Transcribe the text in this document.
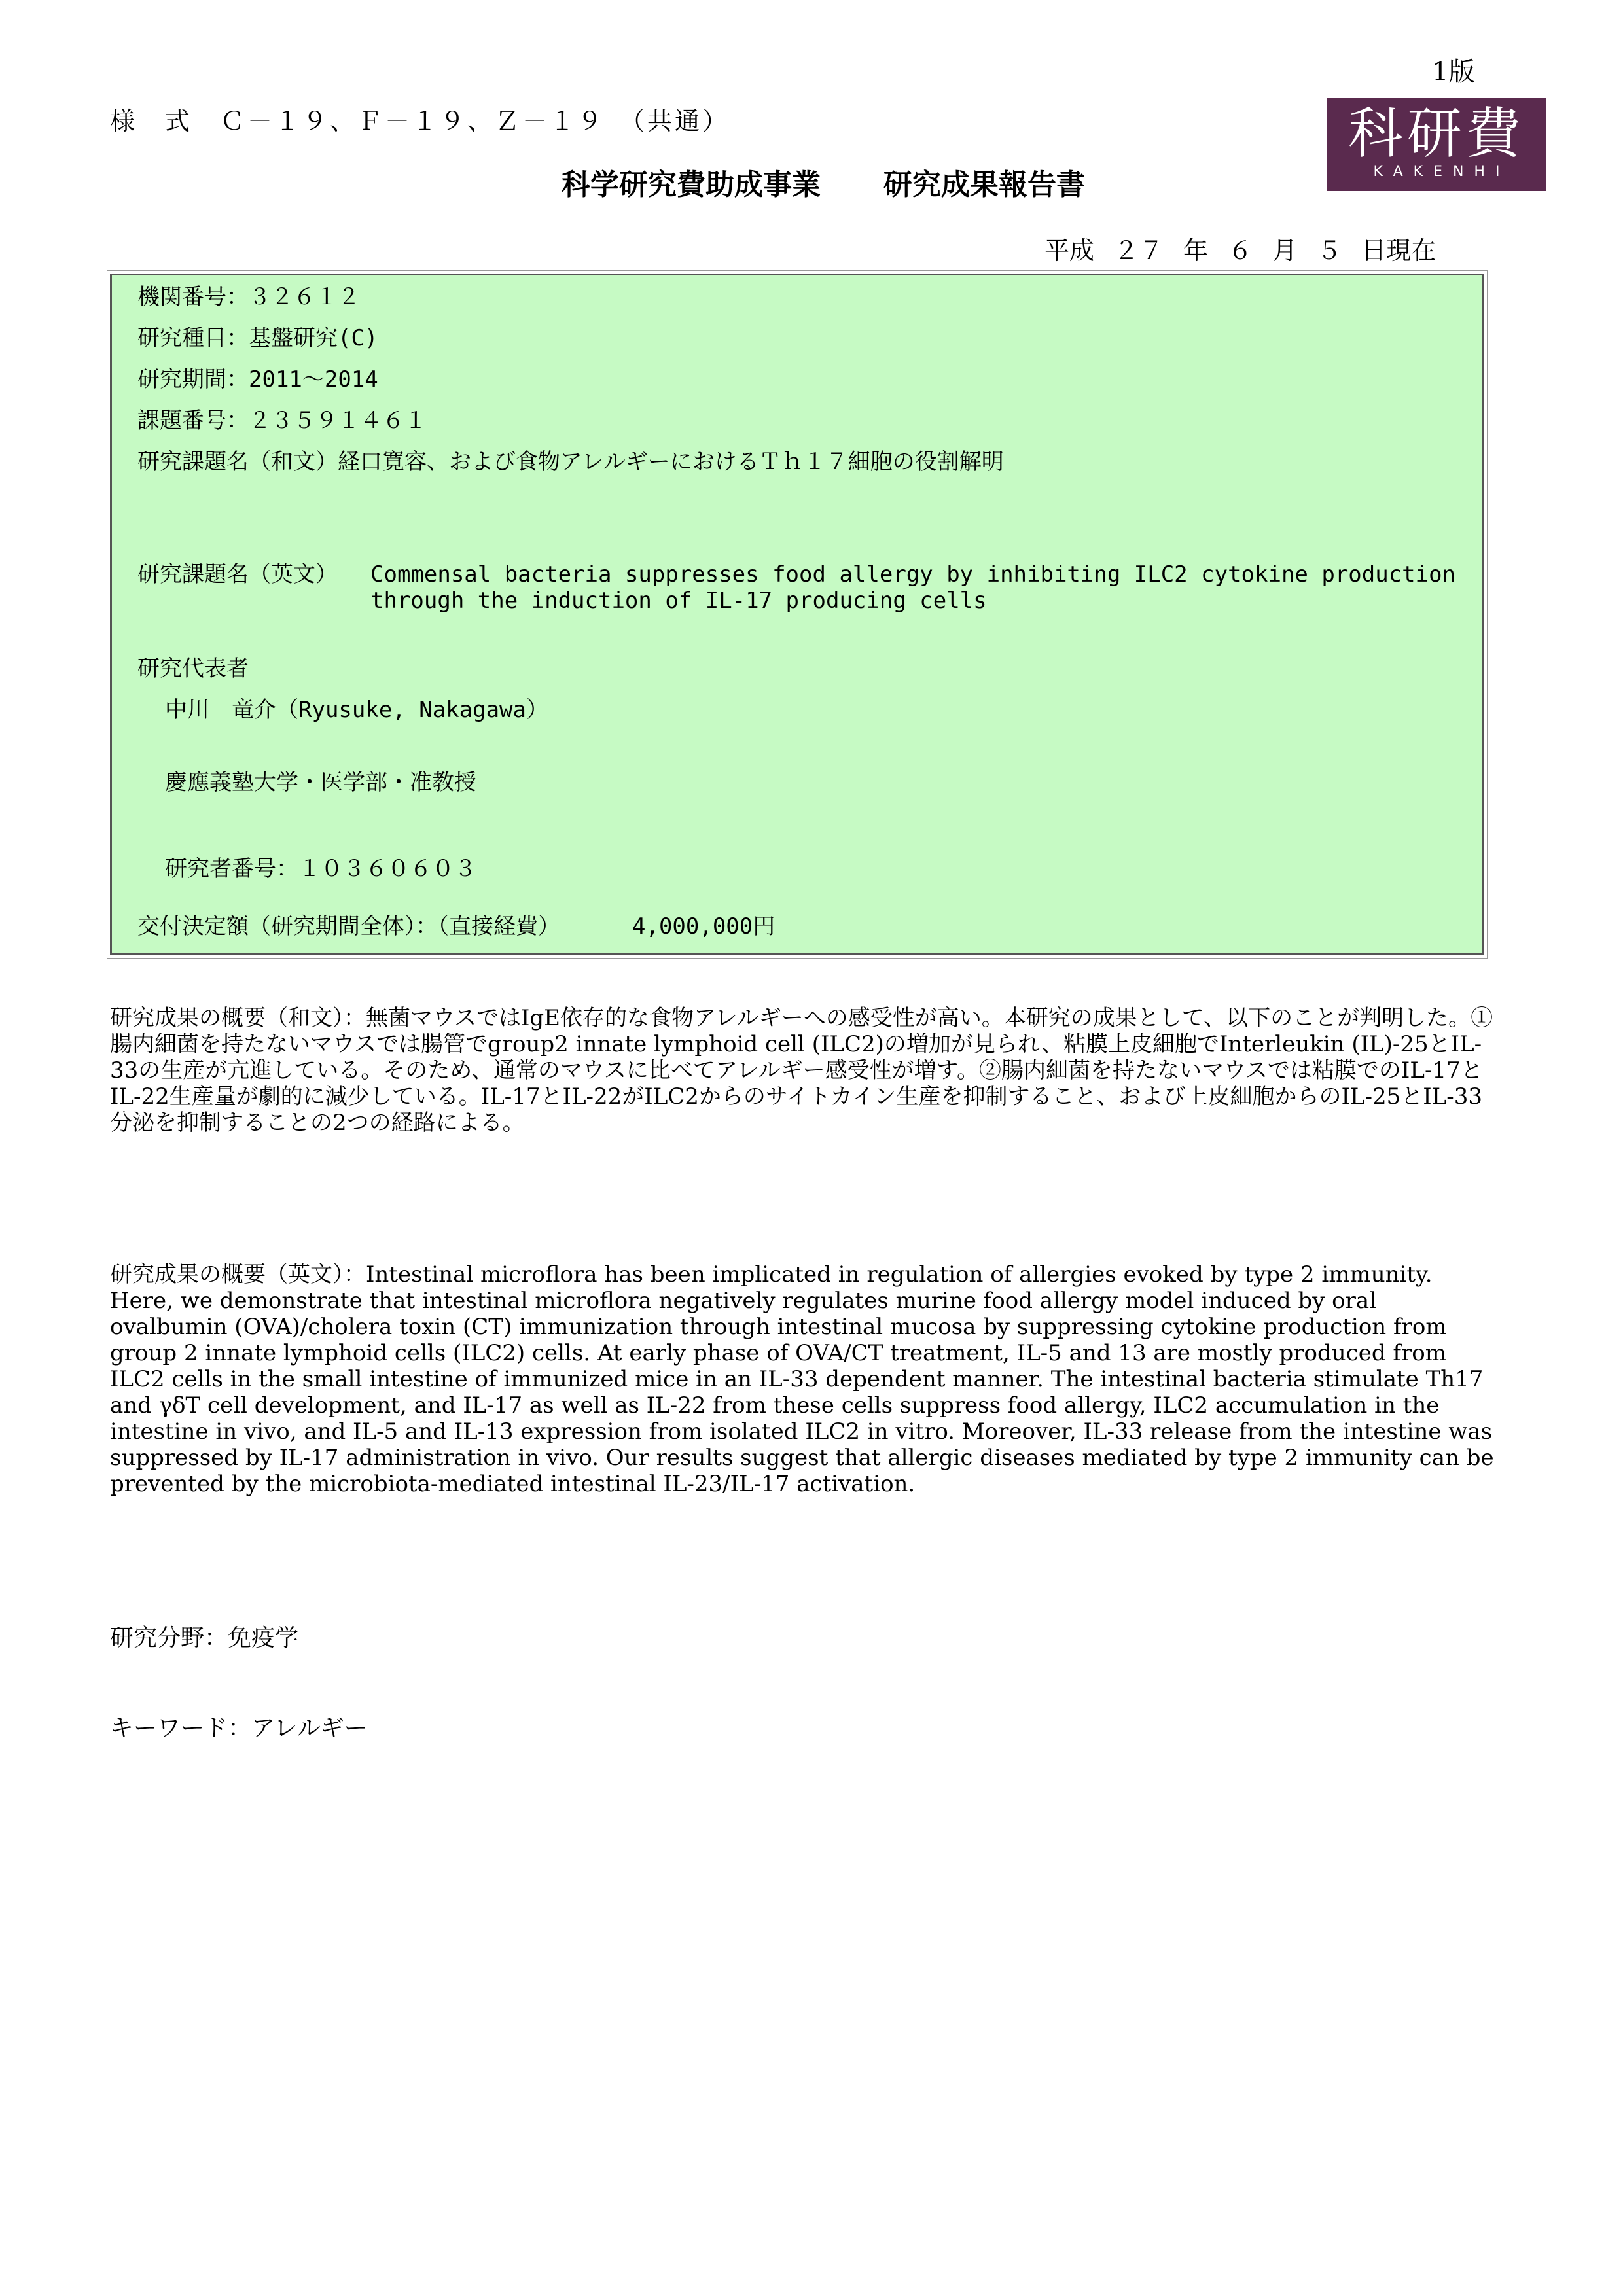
1版
様　式　Ｃ－１９、Ｆ－１９、Ｚ－１９　（共通）	科研費
KAKENHI
科学研究費助成事業 研究成果報告書
平成 ２７ 年 ６ 月 ５ 日現在
機関番号：３２６１２
研究種目：基盤研究(C)
研究期間：2011～2014
課題番号：２３５９１４６１
研究課題名（和文）経口寛容、および食物アレルギーにおけるＴｈ１７細胞の役割解明
研究課題名（英文）	Commensal bacteria suppresses food allergy by inhibiting ILC2 cytokine production through the induction of IL-17 producing cells
研究代表者
中川　竜介（Ryusuke, Nakagawa）
慶應義塾大学・医学部・准教授
研究者番号：１０３６０６０３
交付決定額（研究期間全体）：（直接経費）	4,000,000円
研究成果の概要（和文）：無菌マウスではIgE依存的な食物アレルギーへの感受性が高い。本研究の成果として、以下のことが判明した。①腸内細菌を持たないマウスでは腸管でgroup2 innate lymphoid cell (ILC2)の増加が見られ、粘膜上皮細胞でInterleukin (IL)-25とIL-33の生産が亢進している。そのため、通常のマウスに比べてアレルギー感受性が増す。②腸内細菌を持たないマウスでは粘膜でのIL-17とIL-22生産量が劇的に減少している。IL-17とIL-22がILC2からのサイトカイン生産を抑制すること、および上皮細胞からのIL-25とIL-33分泌を抑制することの2つの経路による。
研究成果の概要（英文）：Intestinal microflora has been implicated in regulation of allergies evoked by type 2 immunity. Here, we demonstrate that intestinal microflora negatively regulates murine food allergy model induced by oral ovalbumin (OVA)/cholera toxin (CT) immunization through intestinal mucosa by suppressing cytokine production from group 2 innate lymphoid cells (ILC2) cells. At early phase of OVA/CT treatment, IL-5 and 13 are mostly produced from ILC2 cells in the small intestine of immunized mice in an IL-33 dependent manner. The intestinal bacteria stimulate Th17 and γδT cell development, and IL-17 as well as IL-22 from these cells suppress food allergy, ILC2 accumulation in the intestine in vivo, and IL-5 and IL-13 expression from isolated ILC2 in vitro. Moreover, IL-33 release from the intestine was suppressed by IL-17 administration in vivo. Our results suggest that allergic diseases mediated by type 2 immunity can be prevented by the microbiota-mediated intestinal IL-23/IL-17 activation.
研究分野：免疫学
キーワード：アレルギー
